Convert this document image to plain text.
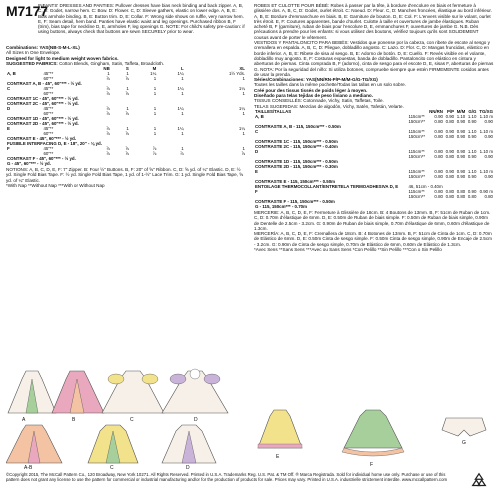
M7177
INFANTS' DRESSES AND PANTIES: Pullover dresses have bias neck binding and back zipper. A, B, C, D: Godet, narrow hem. C: Bow. D: Flower. C, D: Sleeve gathers, elastic on lower edge. A, B, E: Bias armhole binding. B, E: Button trim. D, E: Collar. F: Wrong side shows on ruffle, very narrow hem. E, F: Seam detail, hem band. Panties have elastic waist and leg openings. Purchased ribbon B, F (trim), bias tape for neckline D, E, armholes F, leg openings G. NOTE: For child's safety pre-caution: if using buttons, always check that buttons are sewn SECURELY prior to wear.
Combinations: YAS(NB-S-M-L-XL)
All Sizes In One Envelope.
Designed for light to medium weight woven fabrics.
SUGGESTED FABRICS: Cotton Blends, Gingham, Satin, Taffeta, Broadcloth.
		NB	S	M	L	XL
A, B	45"**	1	1	1¼	1¼	1½ Yds.
	60"**	⅞	⅞	1	1	1
CONTRAST A, B - 45", 60"*** - ½ yd.						
C	45"**	⅞	1	1	1¼	1¼
	60"**	⅞	⅞	1	1	1
CONTRAST 1C - 45", 60"*** - ½ yd.						
CONTRAST 2C - 45", 60"*** - ½ yd.						
D	45"**	⅞	1	1	1¼	1¼
	60"**	⅞	⅞	1	1	1
CONTRAST 1D - 45", 60"*** - ½ yd.						
CONTRAST 2D - 45", 60"*** - ½ yd.						
E	45"**	⅞	1	1	1¼	1¼
	60"**	⅞	⅞	1	1	1
CONTRAST E - 45", 60"*** - ½ yd.						
FUSIBLE INTERFACING D, E - 18", 20" - ⅛ yd.						
F	45"**	⅞	⅞	⅞	1	1
	60"**	⅞	⅞	⅞	⅞	⅞
CONTRAST F - 45", 60"*** - ½ yd.						
G - 45", 60"*** - ½ yd.						
NOTIONS: A, B, C, D, E, F: 7" Zipper. B: Four ½" Buttons. B, F: 20" of ⅝" Ribbon. C, D: ⅝ yd. of ¼" Elastic. D, E: ½ yd. Single Fold Bias Tape. F: ½ yd. Single Fold Bias Tape, 1 yd. of 1-½" Lace Trim. G: 1 yd. Single Fold Bias Tape, ⅝ yd. of ¼" Elastic.
*With Nap **Without Nap ***With or Without Nap
ROBES ET CULOTTE POUR BÉBÉ: Robes à passer par la tête, à bordure d'encolure en biais et fermeture à glissière dos. A, B, C, D: Godet, ourlet étroit. C: Noeud. D: Fleur. C, D: Manches froncées, élastique au bord inférieur. A, B, E: Bordure d'emmanchure en biais. B, E: Garniture de bouton. D, E: Col. F: L'envers visible sur le volant, ourlet très étroit. E, F: Coutures apparentes, bande d'ourlet. Culotte à taille et ouvertures de jambe élastiques. Ruban acheté B, F (garniture), ruban de biais pour l'encolure D, E, emmanchures F, ouvertures de jambe G. N.B. Dès précautions à prendre pour les enfants: si vous utilisez des boutons, vérifiez toujours qu'ils sont SOLIDEMENT cousus avant de porter le vêtement.
VESTIDOS Y PANTALONCITO PARA BEBÉS: Vestidos que ponense por la cabeza, con ribete de escote al sesgo y cremallera en espalda. A, B, C, D: Pliegue, dobladillo angosto. C: Lazo. D: Flor. C, D: Mangas fruncidas, elástico en borde inferior. A, B, E: Ribete de sisa al sesgo. B, E: Adorno de botón. D, E: Cuello. F: Revés visible en el volante, dobladillo muy angosto. E, F: Costuras expuestas, banda de dobladillo. Pantaloncito con elástico en cintura y aberturas de piernas. Cinta comprada B, F (adorno), cinta de sesgo para el escote D, E, sisas F, aberturas de piernas G. NOTA: Por la seguridad del niño: Si utiliza botones, compruebe siempre que estén FIRMEMENTE cosidos antes de usar la prenda.
Séries/Combinaciones: YAS(NN/RN-P/P-M/M-G/G-TG/XG)
Toutes les tailles dans la même pochette/Todas las tallas en un solo sobre.
Créé pour des tissus tissés de poids léger à moyen.
Diseñado para telas tejidas de peso liviano a mediano.
TISSUS CONSEILLÉS: Cotonnade, Vichy, Satin, Taffetas, Toile.
TELAS SUGERIDAS: Mezclas de algodón, Vichy, Satén, Tafetán, Velarte.
TAILLES/TALLAS		NN/RN	P/P	M/M	G/G	TG/XG
A, B	115cm**	0.90	0.90	1.10	1.10	1.10 m
	150cm**	0.80	0.80	0.90	0.90	0.90
CONTRASTE A, B - 115, 150cm*** - 0.50m						
C	115cm**	0.80	0.90	0.90	1.10	1.10 m
	150cm**	0.80	0.80	0.90	0.90	0.90
CONTRASTE 1C - 115, 150cm*** - 0.50m						
CONTRASTE 2C - 115, 150cm*** - 0.40m						
D	115cm**	0.80	0.90	0.90	1.10	1.10 m
	150cm**	0.80	0.80	0.90	0.90	0.90
CONTRASTE 1D - 115, 150cm*** - 0.50m						
CONTRASTE 2D - 115, 150cm*** - 0.30m						
E	115cm**	0.80	0.90	0.90	1.10	1.10 m
	150cm**	0.80	0.80	0.90	0.90	0.90
CONTRASTE E - 115, 150cm*** - 0.50m						
ENTOILAGE THERMOCOLLANT/ENTRETELA TERMOADHESIVA D, E	46, 51cm - 0.40m					
F	115cm**	0.80	0.80	0.80	0.90	0.90 m
	150cm**	0.80	0.80	0.80	0.80	0.80
CONTRASTE F - 115, 150cm*** - 0.50m						
G - 115, 150cm*** - 0.70m						
MERCERIE: A, B, C, D, E, F: Fermeture à Glissière de 18cm. B: 4 Boutons de 13mm. B, F: 51cm de Ruban de 1cm. C, D: 0.70m d'élastique de 6mm. D, E: 0.50m de Ruban de biais simple. F: 0.50m de Ruban de biais simple, 0.90m de Dentelle de 2.5cm - 3.2cm. G: 0.90m de Ruban de biais simple, 0.70m d'élastique de 6mm, 0.60m d'élastique de 1.3cm.
MERCERÍA: A, B, C, D, E, F: Cremallera de 18cm. B: 4 Botones de 13mm. B, F: 51cm de Cinta de 1cm. C, D: 0.70m de Elástico de 6mm. D, E: 0.50m Cinta de sesgo simple. F: 0.50m Cinta de sesgo simple, 0.90m de Encaje de 2.5cm - 3.2cm. G: 0.90m de Cinta de sesgo simple, 0.70m de Elástico de 6mm, 0.60m de Elástico de 1.3cm.
*Avec Sens **Sans Sens ***Avec ou Sans Sens *Con Pelillo **Sin Pelillo ***Con o Sin Pelillo
A	B	C	D
A-B	C	D
E
F
G
©Copyright 2015, The McCall Pattern Co., 120 Broadway, New York 10271. All Rights Reserved. Printed in U.S.A. Trademarks Reg. U.S. Pat. & TM Off. ® Marca Registrada. Sold for individual home use only. Purchase or use of this pattern does not grant any license to use the pattern for commercial or industrial manufacturing and/or for the production of products for sale. Prices may vary. Printed in U.S.A. industrielle strictement interdite. www.mccallpattern.com
